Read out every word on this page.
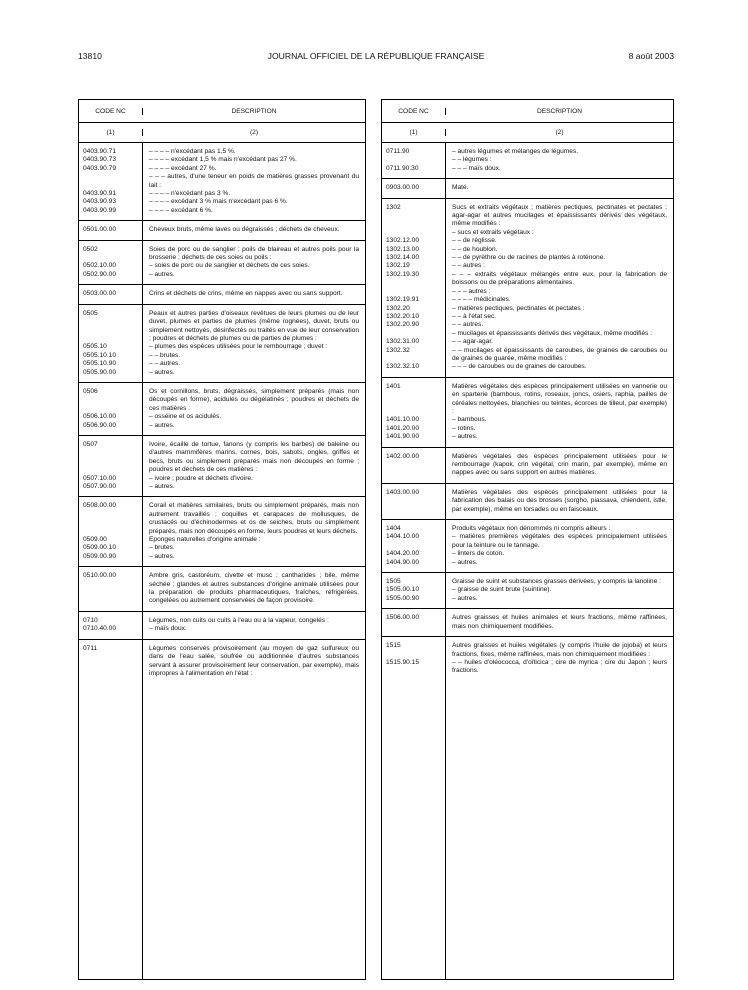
13810	JOURNAL OFFICIEL DE LA RÉPUBLIQUE FRANÇAISE	8 août 2003
CODE NC	DESCRIPTION
(1)	(2)
0403.90.71	– – – – n'excédant pas 1,5 %.
0403.90.73	– – – – excédant 1,5 % mais n'excédant pas 27 %.
0403.90.79	– – – – excédant 27 %.
– – – autres, d'une teneur en poids de matières grasses provenant du lait :
0403.90.91	– – – – n'excédant pas 3 %.
0403.90.93	– – – – excédant 3 % mais n'excédant pas 6 %.
0403.90.99	– – – – excédant 6 %.
0501.00.00	Cheveux bruts, même lavés ou dégraissés ; déchets de cheveux.
0502	Soies de porc ou de sanglier ; poils de blaireau et autres poils pour la brosserie ; déchets de ces soies ou poils :
0502.10.00	– soies de porc ou de sanglier et déchets de ces soies.
0502.90.00	– autres.
0503.00.00	Crins et déchets de crins, même en nappes avec ou sans support.
0505	Peaux et autres parties d'oiseaux revêtues de leurs plumes ou de leur duvet, plumes et parties de plumes (même rognées), duvet, bruts ou simplement nettoyés, désinfectés ou traités en vue de leur conservation ; poudres et déchets de plumes ou de parties de plumes :
0505.10	– plumes des espèces utilisées pour le rembourrage ; duvet :
0505.10.10	– – brutes.
0505.10.90	– – autres.
0505.90.00	– autres.
0506	Os et cornillons, bruts, dégraissés, simplement préparés (mais non découpés en forme), acidulés ou dégélatinés ; poudres et déchets de ces matières :
0506.10.00	– osséine et os acidulés.
0506.90.00	– autres.
0507	Ivoire, écaille de tortue, fanons (y compris les barbes) de baleine ou d'autres mammifères marins, cornes, bois, sabots, ongles, griffes et becs, bruts ou simplement préparés mais non découpés en forme ; poudres et déchets de ces matières :
0507.10.00	– ivoire ; poudre et déchets d'ivoire.
0507.90.00	– autres.
0508.00.00	Corail et matières similaires, bruts ou simplement préparés, mais non autrement travaillés ; coquilles et carapaces de mollusques, de crustacés ou d'échinodermes et os de seiches, bruts ou simplement préparés, mais non découpés en forme, leurs poudres et leurs déchets.
0509.00	Eponges naturelles d'origine animale :
0509.00.10	– brutes.
0509.00.90	– autres.
0510.00.00	Ambre gris, castoréum, civette et musc ; cantharides ; bile, même séchée ; glandes et autres substances d'origine animale utilisées pour la préparation de produits pharmaceutiques, fraîches, réfrigérées, congelées ou autrement conservées de façon provisoire.
0710	Légumes, non cuits ou cuits à l'eau ou à la vapeur, congelés :
0710.40.00	– maïs doux.
0711	Légumes conservés provisoirement (au moyen de gaz sulfureux ou dans de l'eau salée, soufrée ou additionnée d'autres substances servant à assurer provisoirement leur conservation, par exemple), mais impropres à l'alimentation en l'état :
CODE NC	DESCRIPTION
(1)	(2)
0711.90	– autres légumes et mélanges de légumes.
– – légumes :
0711.90.30	– – – maïs doux.
0903.00.00	Maté.
1302	Sucs et extraits végétaux ; matières pectiques, pectinates et pectates ; agar-agar et autres mucilages et épaississants dérivés des végétaux, même modifiés :
– sucs et extraits végétaux :
1302.12.00	– – de réglisse.
1302.13.00	– – de houblon.
1302.14.00	– – de pyrèthre ou de racines de plantes à roténone.
1302.19	– – autres :
1302.19.30	– – – extraits végétaux mélangés entre eux, pour la fabrication de boissons ou de préparations alimentaires.
– – – autres :
1302.19.91	– – – – médicinales.
1302.20	– matières pectiques, pectinates et pectates :
1302.20.10	– – à l'état sec.
1302.20.90	– – autres.
– mucilages et épaississants dérivés des végétaux, même modifiés :
1302.31.00	– – agar-agar.
1302.32	– – mucilages et épaississants de caroubes, de graines de caroubes ou de graines de guarée, même modifiés :
1302.32.10	– – – de caroubes ou de graines de caroubes.
1401	Matières végétales des espèces principalement utilisées en vannerie ou en sparterie (bambous, rotins, roseaux, joncs, osiers, raphia, pailles de céréales nettoyées, blanchies ou teintes, écorces de tilleul, par exemple) :
1401.10.00	– bambous.
1401.20.00	– rotins.
1401.90.00	– autres.
1402.00.00	Matières végétales des espèces principalement utilisées pour le rembourrage (kapok, crin végétal, crin marin, par exemple), même en nappes avec ou sans support en autres matières.
1403.00.00	Matières végétales des espèces principalement utilisées pour la fabrication des balais ou des brosses (sorgho, piassava, chiendent, istle, par exemple), même en torsades ou en faisceaux.
1404	Produits végétaux non dénommés ni compris ailleurs :
1404.10.00	– matières premières végétales des espèces principalement utilisées pour la teinture ou le tannage.
1404.20.00	– linters de coton.
1404.90.00	– autres.
1505	Graisse de suint et substances grasses dérivées, y compris la lanoline :
1505.00.10	– graisse de suint brute (suintine).
1505.00.90	– autres.
1506.00.00	Autres graisses et huiles animales et leurs fractions, même raffinées, mais non chimiquement modifiées.
1515	Autres graisses et huiles végétales (y compris l'huile de jojoba) et leurs fractions, fixes, même raffinées, mais non chimiquement modifiées :
1515.90.15	– – huiles d'oléococca, d'oïticica ; cire de myrica ; cire du Japon ; leurs fractions.
